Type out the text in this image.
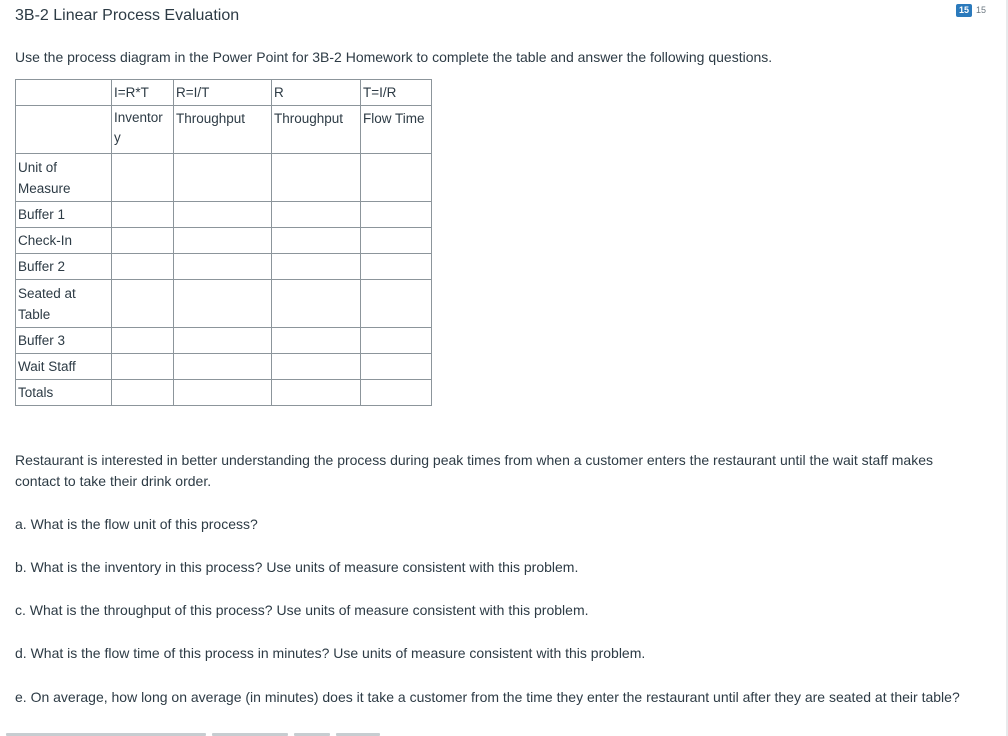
3B-2 Linear Process Evaluation	15 15
Use the process diagram in the Power Point for 3B-2 Homework to complete the table and answer the following questions.
	I=R*T	R=I/T	R	T=I/R
	Inventor y	Throughput	Throughput	Flow Time
Unit of Measure				
Buffer 1				
Check-In				
Buffer 2				
Seated at Table				
Buffer 3				
Wait Staff				
Totals				
Restaurant is interested in better understanding the process during peak times from when a customer enters the restaurant until the wait staff makes contact to take their drink order.
a. What is the flow unit of this process?
b. What is the inventory in this process? Use units of measure consistent with this problem.
c. What is the throughput of this process? Use units of measure consistent with this problem.
d. What is the flow time of this process in minutes? Use units of measure consistent with this problem.
e. On average, how long on average (in minutes) does it take a customer from the time they enter the restaurant until after they are seated at their table?
